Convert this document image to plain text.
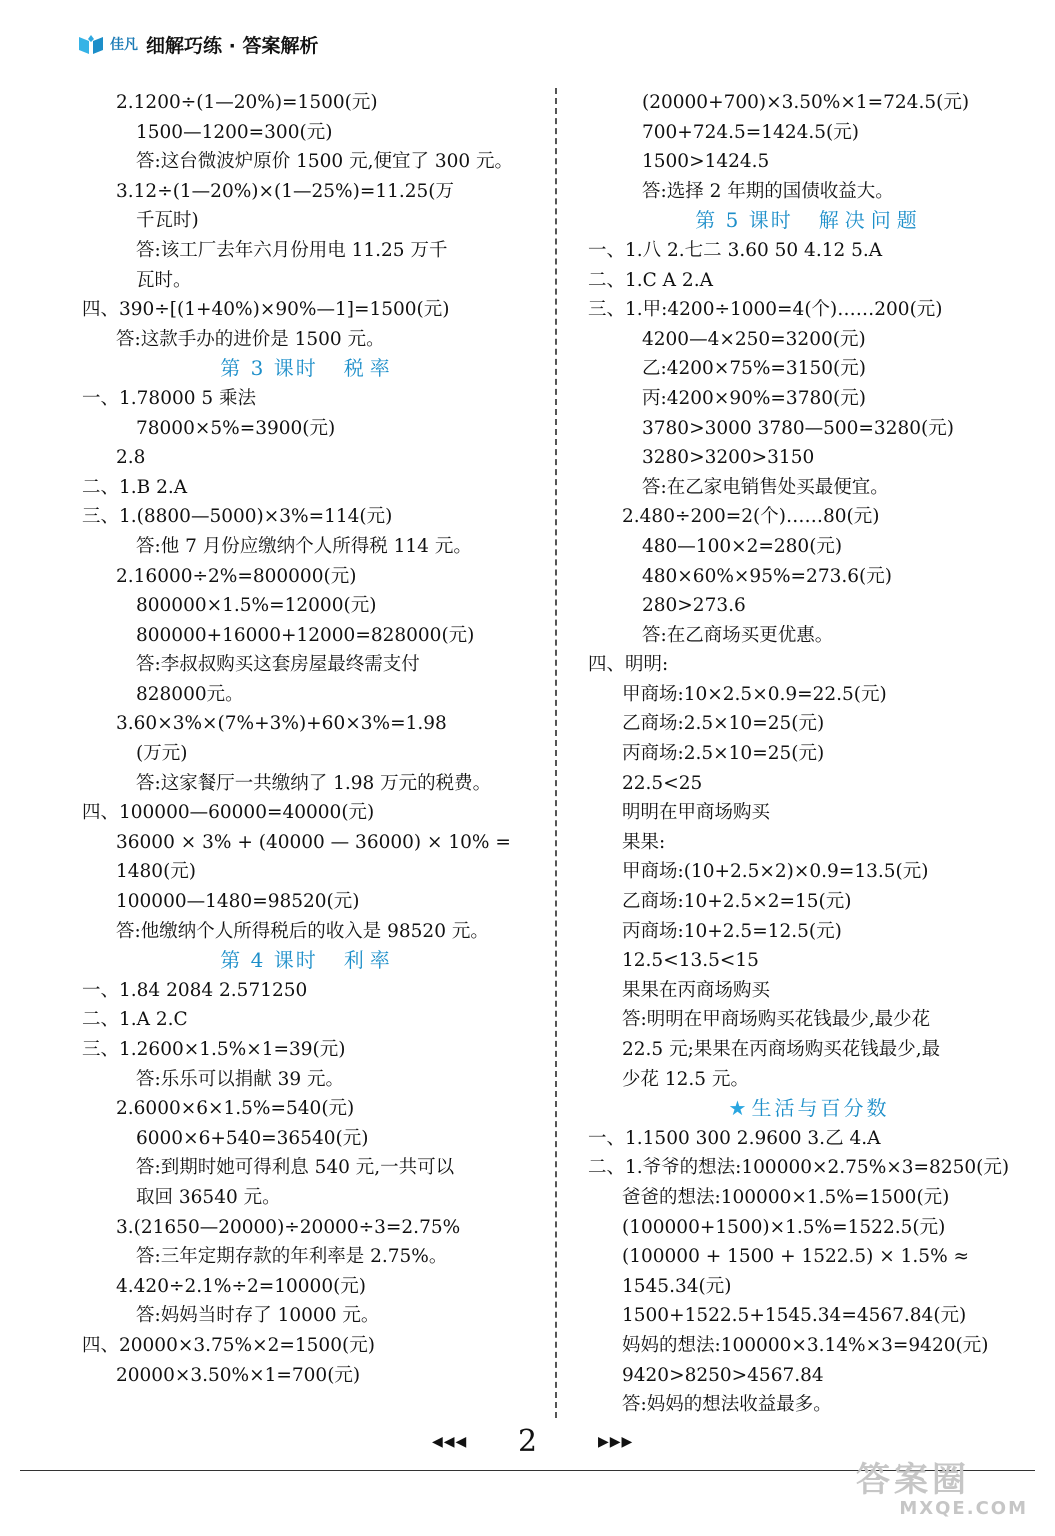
佳凡 细解巧练 · 答案解析
2.1200÷(1—20%)=1500(元)
1500—1200=300(元)
答:这台微波炉原价 1500 元,便宜了 300 元。
3.12÷(1—20%)×(1—25%)=11.25(万
千瓦时)
答:该工厂去年六月份用电 11.25 万千
瓦时。
四、390÷[(1+40%)×90%—1]=1500(元)
答:这款手办的进价是 1500 元。
第 3 课时 税率
一、1.78000 5 乘法
78000×5%=3900(元)
2.8
二、1.B 2.A
三、1.(8800—5000)×3%=114(元)
答:他 7 月份应缴纳个人所得税 114 元。
2.16000÷2%=800000(元)
800000×1.5%=12000(元)
800000+16000+12000=828000(元)
答:李叔叔购买这套房屋最终需支付
828000元。
3.60×3%×(7%+3%)+60×3%=1.98
(万元)
答:这家餐厅一共缴纳了 1.98 万元的税费。
四、100000—60000=40000(元)
36000 × 3% + (40000 — 36000) × 10% =
1480(元)
100000—1480=98520(元)
答:他缴纳个人所得税后的收入是 98520 元。
第 4 课时 利率
一、1.84 2084 2.571250
二、1.A 2.C
三、1.2600×1.5%×1=39(元)
答:乐乐可以捐献 39 元。
2.6000×6×1.5%=540(元)
6000×6+540=36540(元)
答:到期时她可得利息 540 元,一共可以
取回 36540 元。
3.(21650—20000)÷20000÷3=2.75%
答:三年定期存款的年利率是 2.75%。
4.420÷2.1%÷2=10000(元)
答:妈妈当时存了 10000 元。
四、20000×3.75%×2=1500(元)
20000×3.50%×1=700(元)
(20000+700)×3.50%×1=724.5(元)
700+724.5=1424.5(元)
1500>1424.5
答:选择 2 年期的国债收益大。
第 5 课时 解决问题
一、1.八 2.七二 3.60 50 4.12 5.A
二、1.C A 2.A
三、1.甲:4200÷1000=4(个)……200(元)
4200—4×250=3200(元)
乙:4200×75%=3150(元)
丙:4200×90%=3780(元)
3780>3000 3780—500=3280(元)
3280>3200>3150
答:在乙家电销售处买最便宜。
2.480÷200=2(个)……80(元)
480—100×2=280(元)
480×60%×95%=273.6(元)
280>273.6
答:在乙商场买更优惠。
四、明明:
甲商场:10×2.5×0.9=22.5(元)
乙商场:2.5×10=25(元)
丙商场:2.5×10=25(元)
22.5<25
明明在甲商场购买
果果:
甲商场:(10+2.5×2)×0.9=13.5(元)
乙商场:10+2.5×2=15(元)
丙商场:10+2.5=12.5(元)
12.5<13.5<15
果果在丙商场购买
答:明明在甲商场购买花钱最少,最少花
22.5 元;果果在丙商场购买花钱最少,最
少花 12.5 元。
★ 生活与百分数
一、1.1500 300 2.9600 3.乙 4.A
二、1.爷爷的想法:100000×2.75%×3=8250(元)
爸爸的想法:100000×1.5%=1500(元)
(100000+1500)×1.5%=1522.5(元)
(100000 + 1500 + 1522.5) × 1.5% ≈
1545.34(元)
1500+1522.5+1545.34=4567.84(元)
妈妈的想法:100000×3.14%×3=9420(元)
9420>8250>4567.84
答:妈妈的想法收益最多。
◀◀◀	2	▶▶▶
答案圈
MXQE.COM
